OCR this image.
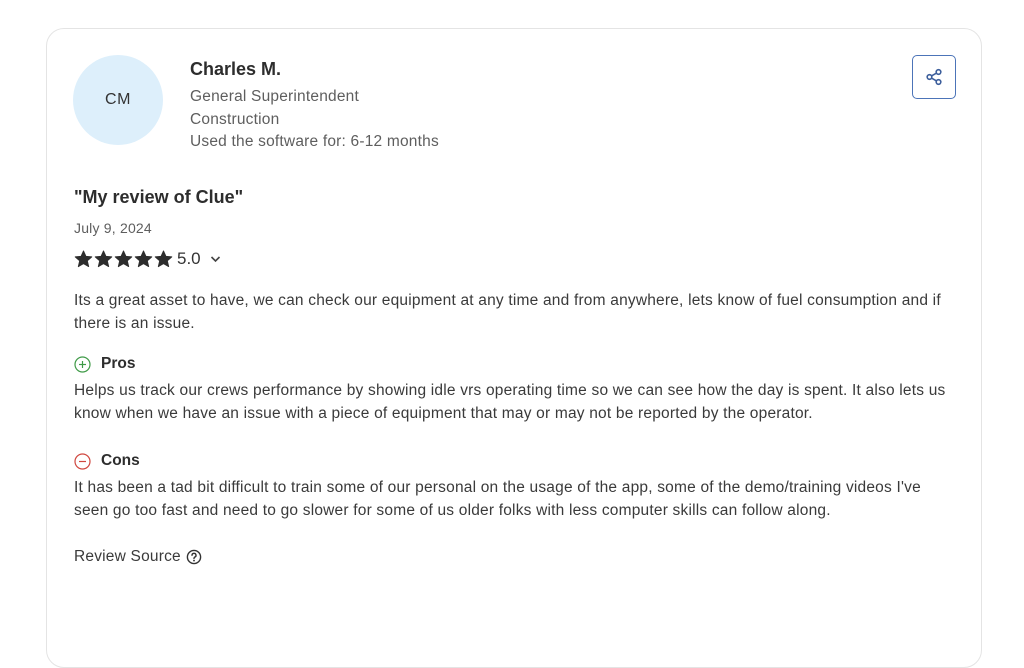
CM
Charles M.
General Superintendent
Construction
Used the software for: 6-12 months
"My review of Clue"
July 9, 2024
5.0
Its a great asset to have, we can check our equipment at any time and from anywhere, lets know of fuel consumption and if there is an issue.
Pros
Helps us track our crews performance by showing idle vrs operating time so we can see how the day is spent. It also lets us know when we have an issue with a piece of equipment that may or may not be reported by the operator.
Cons
It has been a tad bit difficult to train some of our personal on the usage of the app, some of the demo/training videos I've seen go too fast and need to go slower for some of us older folks with less computer skills can follow along.
Review Source
